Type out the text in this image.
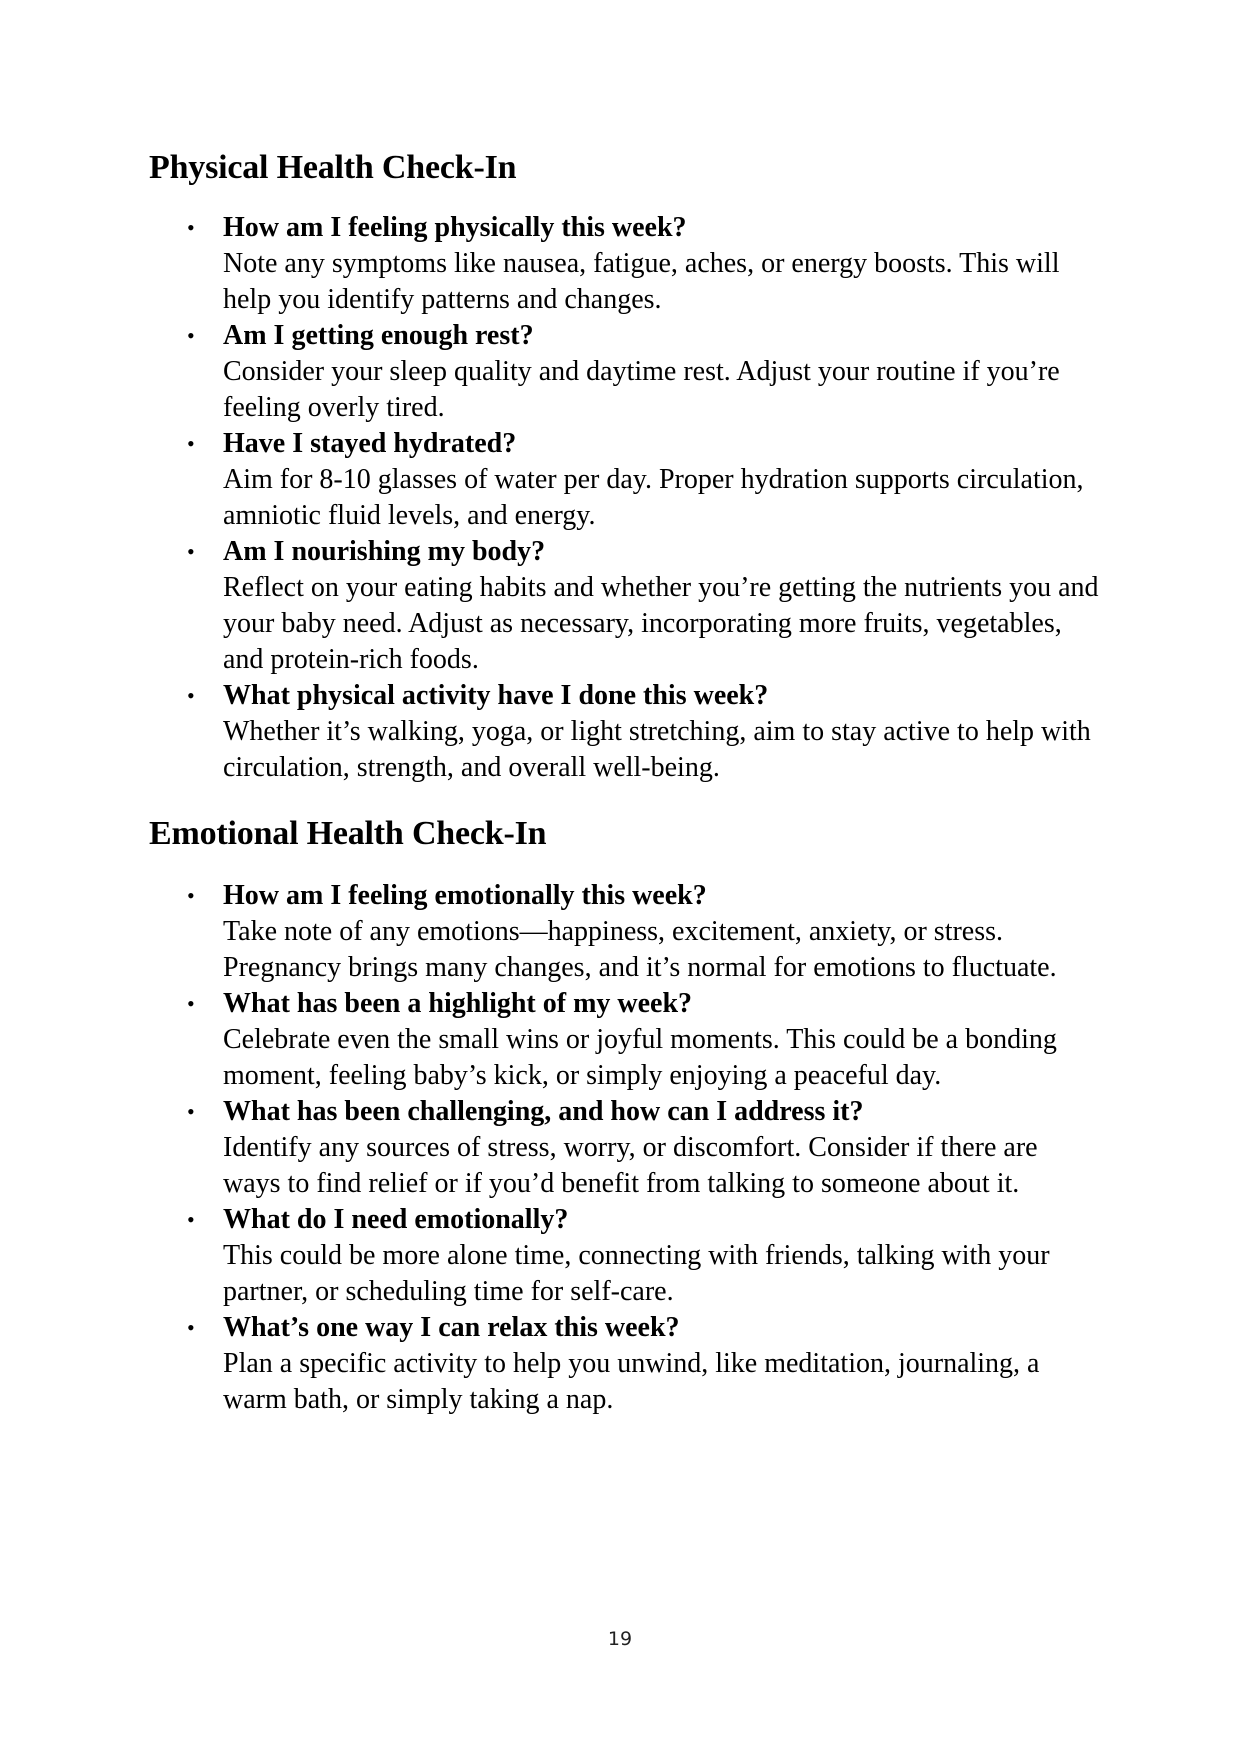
Physical Health Check-In
• How am I feeling physically this week?
Note any symptoms like nausea, fatigue, aches, or energy boosts. This will help you identify patterns and changes.
• Am I getting enough rest?
Consider your sleep quality and daytime rest. Adjust your routine if you’re feeling overly tired.
• Have I stayed hydrated?
Aim for 8-10 glasses of water per day. Proper hydration supports circulation, amniotic fluid levels, and energy.
• Am I nourishing my body?
Reflect on your eating habits and whether you’re getting the nutrients you and your baby need. Adjust as necessary, incorporating more fruits, vegetables, and protein-rich foods.
• What physical activity have I done this week?
Whether it’s walking, yoga, or light stretching, aim to stay active to help with circulation, strength, and overall well-being.
Emotional Health Check-In
• How am I feeling emotionally this week?
Take note of any emotions—happiness, excitement, anxiety, or stress. Pregnancy brings many changes, and it’s normal for emotions to fluctuate.
• What has been a highlight of my week?
Celebrate even the small wins or joyful moments. This could be a bonding moment, feeling baby’s kick, or simply enjoying a peaceful day.
• What has been challenging, and how can I address it?
Identify any sources of stress, worry, or discomfort. Consider if there are ways to find relief or if you’d benefit from talking to someone about it.
• What do I need emotionally?
This could be more alone time, connecting with friends, talking with your partner, or scheduling time for self-care.
• What’s one way I can relax this week?
Plan a specific activity to help you unwind, like meditation, journaling, a warm bath, or simply taking a nap.
19
